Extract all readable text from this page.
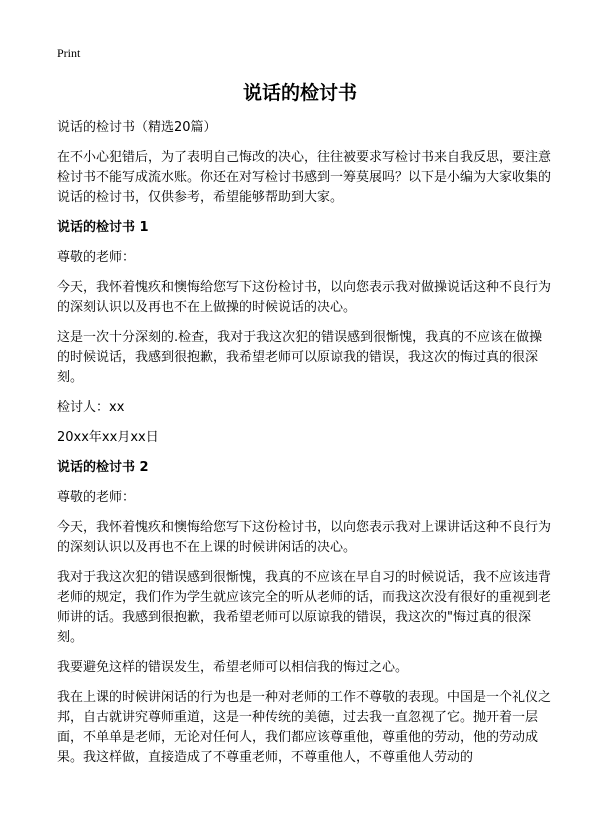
Print
说话的检讨书

说话的检讨书（精选20篇）

在不小心犯错后，为了表明自己悔改的决心，往往被要求写检讨书来自我反思，要注意检讨书不能写成流水账。你还在对写检讨书感到一筹莫展吗？以下是小编为大家收集的说话的检讨书，仅供参考，希望能够帮助到大家。

说话的检讨书 1

尊敬的老师：

今天，我怀着愧疚和懊悔给您写下这份检讨书，以向您表示我对做操说话这种不良行为的深刻认识以及再也不在上做操的时候说话的决心。

这是一次十分深刻的.检查，我对于我这次犯的错误感到很惭愧，我真的不应该在做操的时候说话，我感到很抱歉，我希望老师可以原谅我的错误，我这次的悔过真的很深刻。

检讨人：xx

20xx年xx月xx日

说话的检讨书 2

尊敬的老师：

今天，我怀着愧疚和懊悔给您写下这份检讨书，以向您表示我对上课讲话这种不良行为的深刻认识以及再也不在上课的时候讲闲话的决心。

我对于我这次犯的错误感到很惭愧，我真的不应该在早自习的时候说话，我不应该违背老师的规定，我们作为学生就应该完全的听从老师的话，而我这次没有很好的重视到老师讲的话。我感到很抱歉，我希望老师可以原谅我的错误，我这次的"悔过真的很深刻。

我要避免这样的错误发生，希望老师可以相信我的悔过之心。

我在上课的时候讲闲话的行为也是一种对老师的工作不尊敬的表现。中国是一个礼仪之邦，自古就讲究尊师重道，这是一种传统的美德，过去我一直忽视了它。抛开着一层面，不单单是老师，无论对任何人，我们都应该尊重他，尊重他的劳动，他的劳动成果。我这样做，直接造成了不尊重老师，不尊重他人，不尊重他人劳动的
